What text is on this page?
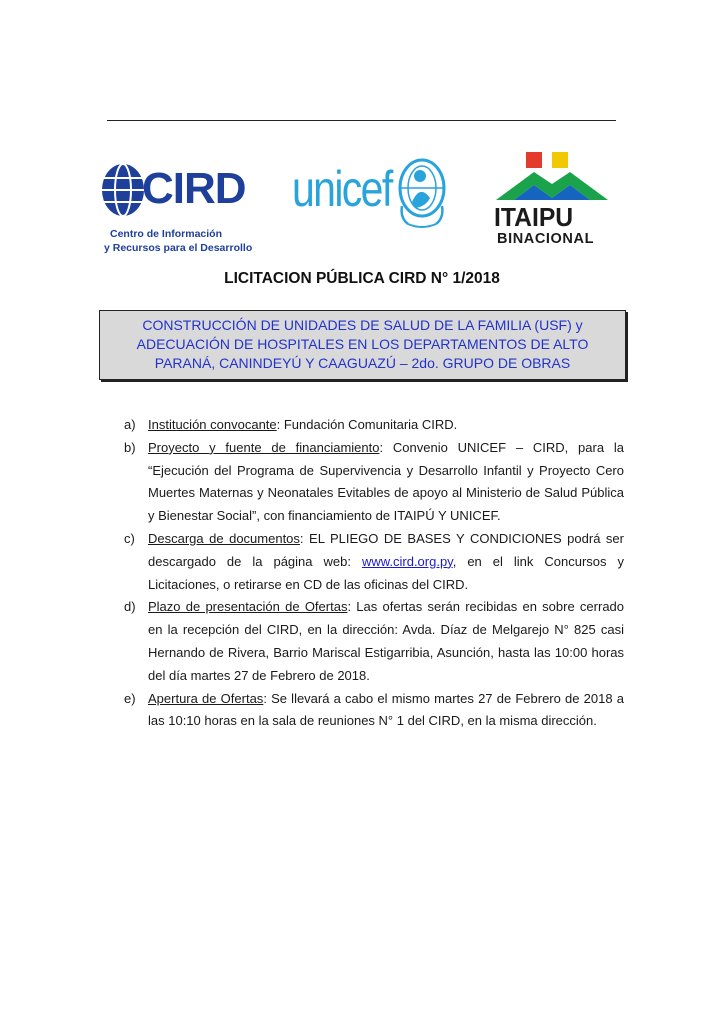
CIRD
Centro de Información
y Recursos para el Desarrollo
unicef	ITAIPU
BINACIONAL
LICITACION PÚBLICA CIRD N° 1/2018
CONSTRUCCIÓN DE UNIDADES DE SALUD DE LA FAMILIA (USF) y
ADECUACIÓN DE HOSPITALES EN LOS DEPARTAMENTOS DE ALTO
PARANÁ, CANINDEYÚ Y CAAGUAZÚ – 2do. GRUPO DE OBRAS
a) Institución convocante: Fundación Comunitaria CIRD.
b) Proyecto y fuente de financiamiento: Convenio UNICEF – CIRD, para la “Ejecución del Programa de Supervivencia y Desarrollo Infantil y Proyecto Cero Muertes Maternas y Neonatales Evitables de apoyo al Ministerio de Salud Pública y Bienestar Social”, con financiamiento de ITAIPÚ Y UNICEF.
c) Descarga de documentos: EL PLIEGO DE BASES Y CONDICIONES podrá ser descargado de la página web: www.cird.org.py, en el link Concursos y Licitaciones, o retirarse en CD de las oficinas del CIRD.
d) Plazo de presentación de Ofertas: Las ofertas serán recibidas en sobre cerrado en la recepción del CIRD, en la dirección: Avda. Díaz de Melgarejo N° 825 casi Hernando de Rivera, Barrio Mariscal Estigarribia, Asunción, hasta las 10:00 horas del día martes 27 de Febrero de 2018.
e) Apertura de Ofertas: Se llevará a cabo el mismo martes 27 de Febrero de 2018 a las 10:10 horas en la sala de reuniones N° 1 del CIRD, en la misma dirección.
